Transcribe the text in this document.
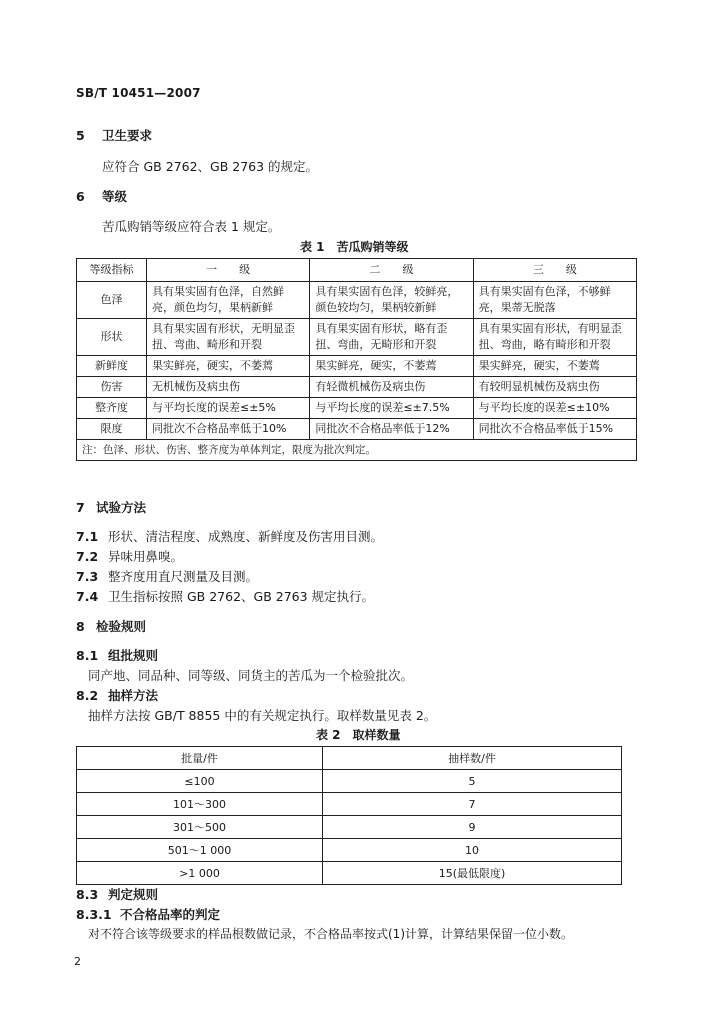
SB/T 10451—2007
5 卫生要求
应符合 GB 2762、GB 2763 的规定。
6 等级
苦瓜购销等级应符合表 1 规定。
表 1　苦瓜购销等级
等级指标	一　　级	二　　级	三　　级
色泽	具有果实固有色泽，自然鲜亮，颜色均匀，果柄新鲜	具有果实固有色泽，较鲜亮，颜色较均匀，果柄较新鲜	具有果实固有色泽，不够鲜亮，果蒂无脱落
形状	具有果实固有形状，无明显歪扭、弯曲、畸形和开裂	具有果实固有形状，略有歪扭、弯曲，无畸形和开裂	具有果实固有形状，有明显歪扭、弯曲，略有畸形和开裂
新鲜度	果实鲜亮，硬实，不萎蔫	果实鲜亮，硬实，不萎蔫	果实鲜亮，硬实，不萎蔫
伤害	无机械伤及病虫伤	有轻微机械伤及病虫伤	有较明显机械伤及病虫伤
整齐度	与平均长度的误差≤±5%	与平均长度的误差≤±7.5%	与平均长度的误差≤±10%
限度	同批次不合格品率低于10%	同批次不合格品率低于12%	同批次不合格品率低于15%
注：色泽、形状、伤害、整齐度为单体判定，限度为批次判定。			
7 试验方法
7.1 形状、清洁程度、成熟度、新鲜度及伤害用目测。
7.2 异味用鼻嗅。
7.3 整齐度用直尺测量及目测。
7.4 卫生指标按照 GB 2762、GB 2763 规定执行。
8 检验规则
8.1 组批规则
同产地、同品种、同等级、同货主的苦瓜为一个检验批次。
8.2 抽样方法
抽样方法按 GB/T 8855 中的有关规定执行。取样数量见表 2。
表 2　取样数量
批量/件	抽样数/件
≤100	5
101～300	7
301～500	9
501～1 000	10
>1 000	15(最低限度)
8.3 判定规则
8.3.1 不合格品率的判定
对不符合该等级要求的样品根数做记录，不合格品率按式(1)计算，计算结果保留一位小数。
2
